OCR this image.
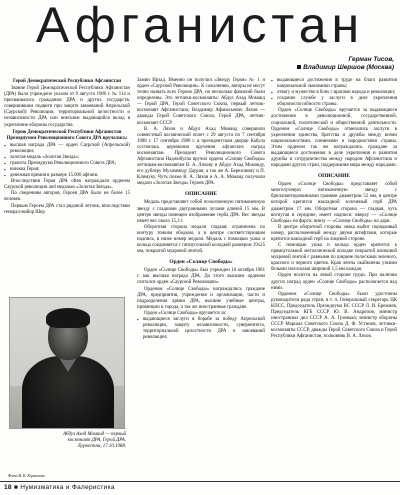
Афганистан
Герман Тисов,
Владимир Шершов (Москва)

Герой Демократической Республики Афганистан

Звание Герой Демократической Республики Афганистан (ДРА) было учреждено указом от 9 августа 1986 г. № 114 и присваивалось гражданам ДРА и других государств, совершившим подвиги при защите завоеваний Апрельской (Саурской) Революции, территориальной целостности и независимости ДРА или внесшим выдающийся вклад в укрепление обороны государства.

Герою Демократической Республики Афганистан Президиумом Революционного Совета ДРА вручались:

▪ высшая награда ДРА — орден Саурской (Апрельской) революции;
▪ золотая медаль «Золотая Звезда»;
▪ грамота Президиума Революционного Совета ДРА;
▪ книжка Героя;
▪ денежная премия в размере 15.000 афгани.

Впоследствии Героя ДРА often награждали орденом Саурской революции and медалью «Золотая Звезда».

По сведениям авторов, Героев ДРА было не более 15 человек.

Первым Героем ДРА стал рядовой летчик, впоследствии генерал-майор Шер

Абдул Ахад Момаид — первый космонавт ДРА, Герой ДРА. Бурвестни, 17.10.1988.
Фото В. Н. Корнилова.

Замин Ирзад. Именно он получил «Звезду Героя» № 1 и орден «Саурской Революции». К сожалению, авторы не могут точно назвать всех Героев ДРА, но несколько фамилий были определены. Это летчики-космонавты: Абдул Ахад Момаид — Герой ДРА, Герой Советского Союза, первый летчик-космонавт Афганистана; Владимир Афанасьевич Ляхов — дважды Герой Советского Союза, Герой ДРА, летчик-космонавт СССР.

В. А. Ляхов и Абдул Ахад Момаид совершили совместный космический полет с 29 августа по 7 сентября 1988 г. 17 сентября 1988 г. в президентском дворце Кабула состоялась церемония вручения афганских наград космонавтам. Президент Революционного Совета Афганистана Наджибулла вручил ордена «Солнце Свободы» летчикам-космонавтам В. А. Ляхову и Абдул Ахад Момаиду, его дублеру Мухаммеду Дауран, а так же А. Березовому и П. Климуку. Чуть позже В. А. Ляхов и А. А. Момаид получили медали «Золотая Звезда» Героев ДРА.

ОПИСАНИЕ

Медаль представляет собой позолоченную пятиконечную звезду с гладкими двугранными лучами длиной 15 мм. В центре звезды помещен изображение герба ДРА. Вес звезды имеет вес около 15,3 г.

Оборотная сторона медали гладкая; ограничена по контуру тонким ободком, а в центре соответствующим надпись, в ниже номер медали. Медаль с помощью ушка и кольца соединяется с пятиугольной колодкой размером 19х25 мм, покрытой муаровой лентой.

Орден «Солнце Свободы»

Орден «Солнце Свободы» был учрежден 16 октября 1981 г. как высшая награда ДРА. До этого высшим орденом считался орден «Саурской Революции».

Орденом «Солнце Свободы» награждались граждане ДРА, предприятия, учреждения и организации, части и подразделения армии ДРА, высшие учебные центры, провинции и города, а так же иностранные граждане.

Орден «Солнце Свободы» вручается за:

▪ выдающиеся заслуги в борьбе за победу Апрельской революции, защиту независимости, суверенитета, территориальной целостности ДРА и завоеваний революции;
▪ выдающиеся достижения в труде на благо развития национальной экономики страны;
▪ отвагу и мужество в боях с врагами народа и революции;
▪ создание службе у заслуги в деле укрепления обороноспособности страны.

Орден «Солнце Свободы» вручается за выдающиеся достижения в революционной, государственной, социальной, политической и общественной деятельности. Орденом «Солнце Свободы» отмечались заслуги в укреплении единства, братства и дружбы между всеми национальностями, племенами и народностями страны. Этим орденом так же награждались граждане за выдающиеся достижения в деле укрепления и развития дружбы и сотрудничества между народом Афганистана и народами других стран, поддержания мира между народами.

ОПИСАНИЕ

Орден «Солнце Свободы» представляет собой многолучевую пятиконечную звезду с бриллиантированными гранями диаметром 52 мм, в центре которой крепится накладной золоченый герб ДРА диаметром 17 мм. Оборотная сторона — гладкая, чуть вогнутая в середине, имеет надписи: вверху — «Солнце Свободы» на фарси; внизу — «Солнце Свободы» на дари.

В центре оборотной стороны знака выбит порядковый номер, расположенный между двумя штифтами, которые крепится накладной герб на лицевой стороне.

С помощью ушка и кольца орден крепится к прямоугольной металлической колодке покрытой шелковой муаровой лентой с равными по ширине полосками зеленого, красного и черного цветов. Края ленты окаймлены узкими белыми полосками шириной 1,5 мм каждая.

Орден носится на левой стороне груди. При наличии других наград орден «Солнце Свободы» располагается над ними.

Орденом «Солнце Свободы» были удостоены руководители ряда стран, в т. ч. Генеральный секретарь ЦК КПСС, Председатель Президиума ВС СССР Л. И. Брежнев, Председатель КГБ СССР Ю. В. Андропов, министр иностранных дел СССР А. А. Громыко; министр обороны СССР Маршал Советского Союза Д. Ф. Устинов, летчики-космонавты СССР, дважды Герой Советского Союза и Герой Республики Афганистан, полковник В. А. Ляхов.

18 ■ Нумизматика и Фалеристика
